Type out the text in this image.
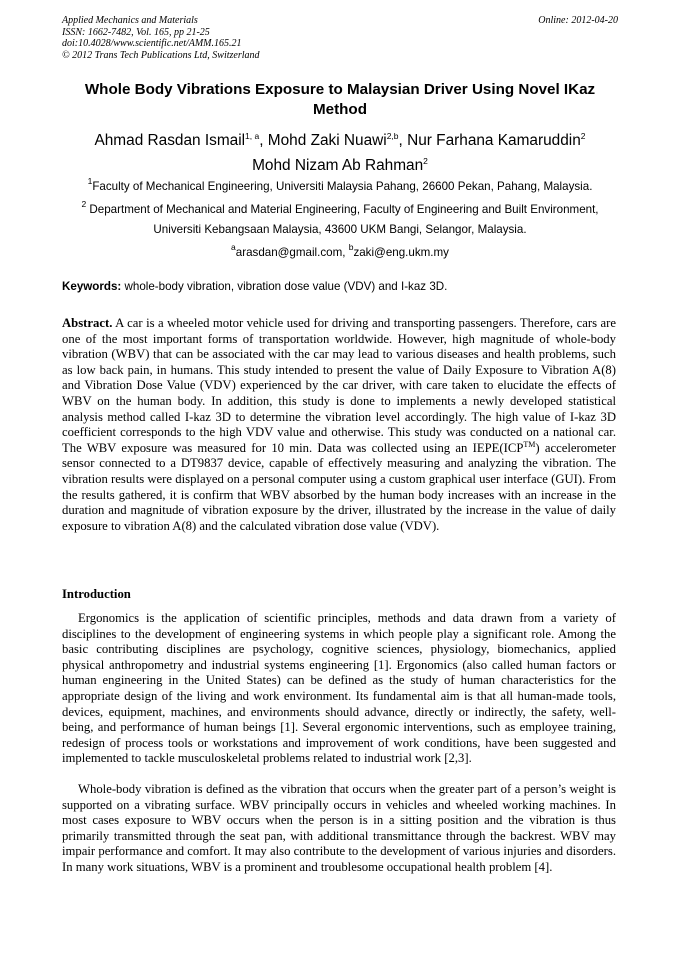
Applied Mechanics and Materials
ISSN: 1662-7482, Vol. 165, pp 21-25
doi:10.4028/www.scientific.net/AMM.165.21
© 2012 Trans Tech Publications Ltd, Switzerland
Online: 2012-04-20
Whole Body Vibrations Exposure to Malaysian Driver Using Novel IKaz Method
Ahmad Rasdan Ismail$^{1, a}$, Mohd Zaki Nuawi$^{2,b}$, Nur Farhana Kamaruddin$^2$
Mohd Nizam Ab Rahman$^2$
$^1$Faculty of Mechanical Engineering, Universiti Malaysia Pahang, 26600 Pekan, Pahang, Malaysia.
$^2$ Department of Mechanical and Material Engineering, Faculty of Engineering and Built Environment, Universiti Kebangsaan Malaysia, 43600 UKM Bangi, Selangor, Malaysia.
$^a$arasdan@gmail.com, $^b$zaki@eng.ukm.my
Keywords: whole-body vibration, vibration dose value (VDV) and I-kaz 3D.
Abstract. A car is a wheeled motor vehicle used for driving and transporting passengers. Therefore, cars are one of the most important forms of transportation worldwide. However, high magnitude of whole-body vibration (WBV) that can be associated with the car may lead to various diseases and health problems, such as low back pain, in humans. This study intended to present the value of Daily Exposure to Vibration A(8) and Vibration Dose Value (VDV) experienced by the car driver, with care taken to elucidate the effects of WBV on the human body. In addition, this study is done to implements a newly developed statistical analysis method called I-kaz 3D to determine the vibration level accordingly. The high value of I-kaz 3D coefficient corresponds to the high VDV value and otherwise. This study was conducted on a national car. The WBV exposure was measured for 10 min. Data was collected using an IEPE(ICP™) accelerometer sensor connected to a DT9837 device, capable of effectively measuring and analyzing the vibration. The vibration results were displayed on a personal computer using a custom graphical user interface (GUI). From the results gathered, it is confirm that WBV absorbed by the human body increases with an increase in the duration and magnitude of vibration exposure by the driver, illustrated by the increase in the value of daily exposure to vibration A(8) and the calculated vibration dose value (VDV).
Introduction

Ergonomics is the application of scientific principles, methods and data drawn from a variety of disciplines to the development of engineering systems in which people play a significant role. Among the basic contributing disciplines are psychology, cognitive sciences, physiology, biomechanics, applied physical anthropometry and industrial systems engineering [1]. Ergonomics (also called human factors or human engineering in the United States) can be defined as the study of human characteristics for the appropriate design of the living and work environment. Its fundamental aim is that all human-made tools, devices, equipment, machines, and environments should advance, directly or indirectly, the safety, well-being, and performance of human beings [1]. Several ergonomic interventions, such as employee training, redesign of process tools or workstations and improvement of work conditions, have been suggested and implemented to tackle musculoskeletal problems related to industrial work [2,3].

Whole-body vibration is defined as the vibration that occurs when the greater part of a person’s weight is supported on a vibrating surface. WBV principally occurs in vehicles and wheeled working machines. In most cases exposure to WBV occurs when the person is in a sitting position and the vibration is thus primarily transmitted through the seat pan, with additional transmittance through the backrest. WBV may impair performance and comfort. It may also contribute to the development of various injuries and disorders. In many work situations, WBV is a prominent and troublesome occupational health problem [4].
